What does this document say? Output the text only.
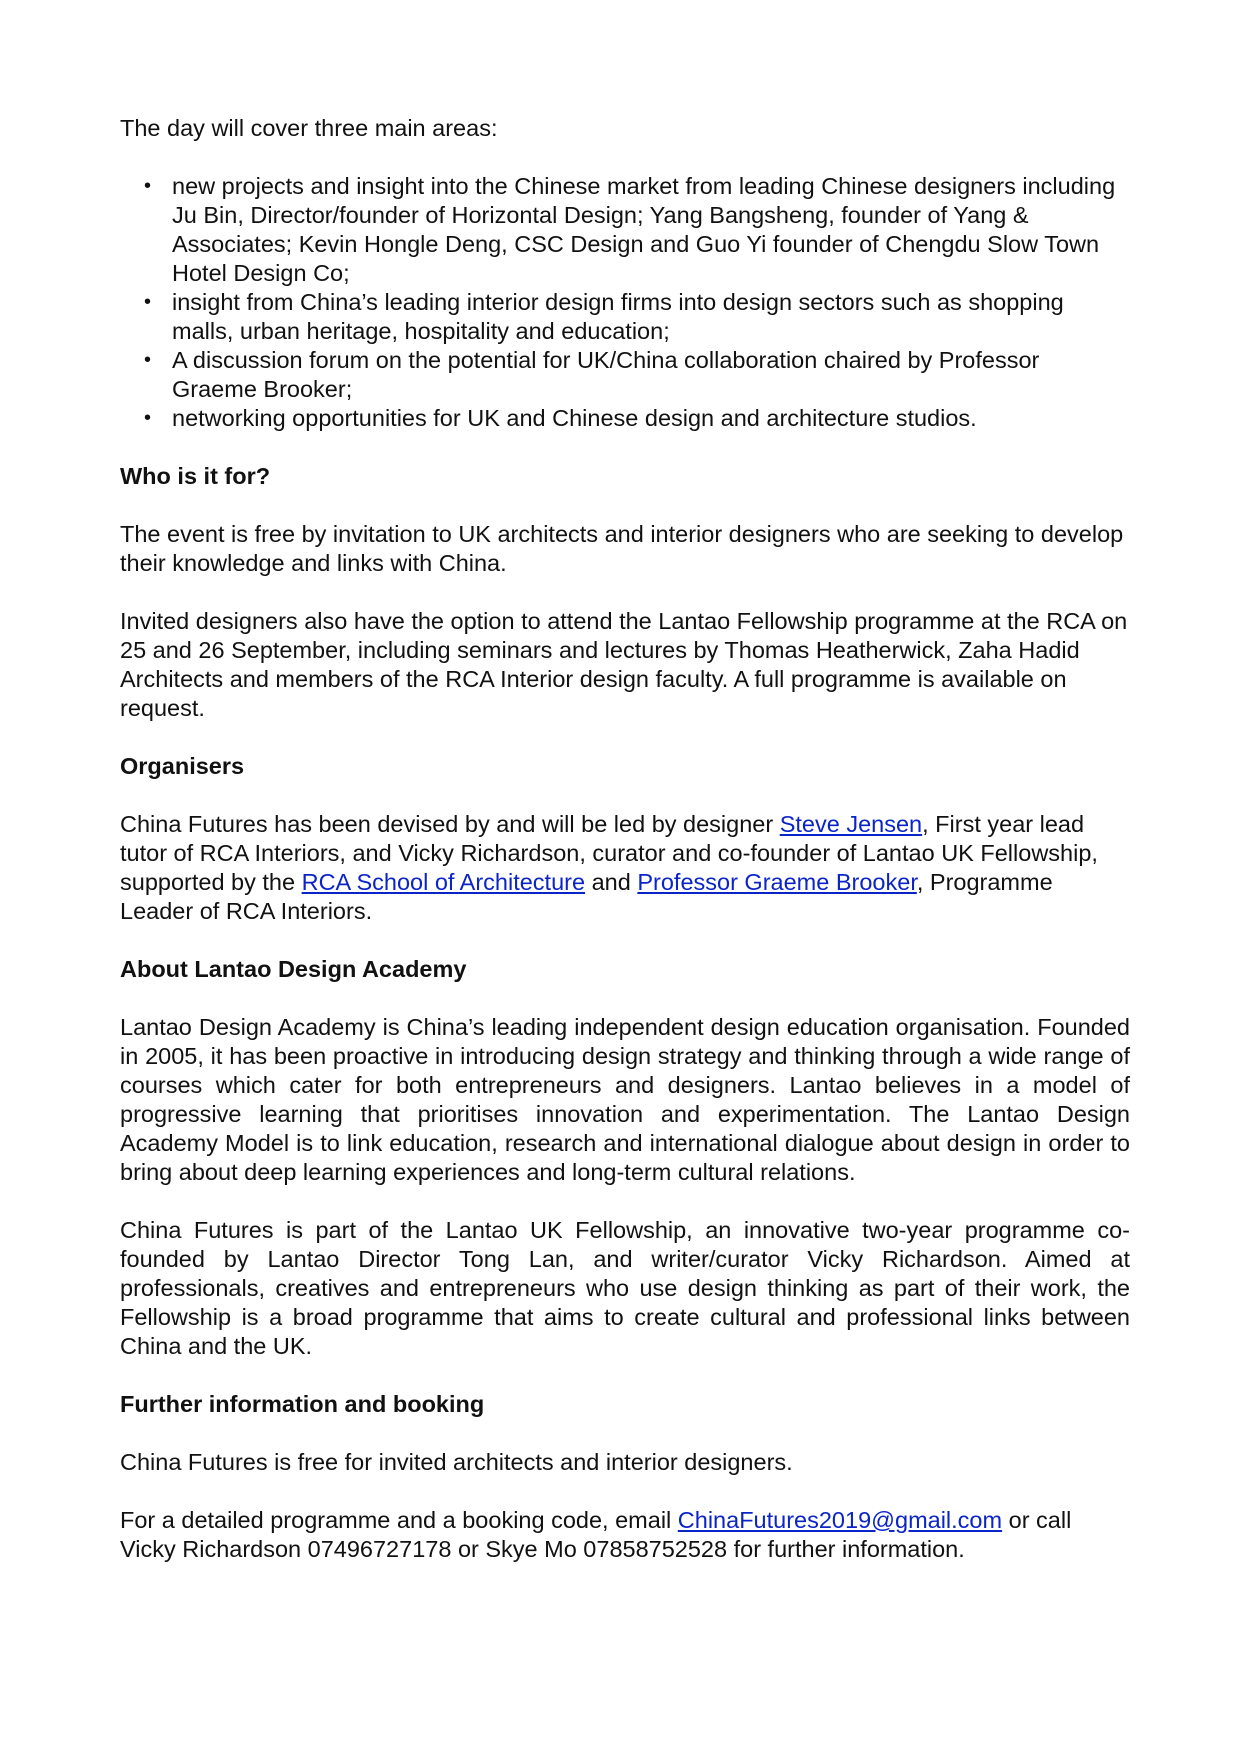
The day will cover three main areas:

• new projects and insight into the Chinese market from leading Chinese designers including Ju Bin, Director/founder of Horizontal Design; Yang Bangsheng, founder of Yang & Associates; Kevin Hongle Deng, CSC Design and Guo Yi founder of Chengdu Slow Town Hotel Design Co;
• insight from China’s leading interior design firms into design sectors such as shopping malls, urban heritage, hospitality and education;
• A discussion forum on the potential for UK/China collaboration chaired by Professor Graeme Brooker;
• networking opportunities for UK and Chinese design and architecture studios.
Who is it for?

The event is free by invitation to UK architects and interior designers who are seeking to develop their knowledge and links with China.

Invited designers also have the option to attend the Lantao Fellowship programme at the RCA on 25 and 26 September, including seminars and lectures by Thomas Heatherwick, Zaha Hadid Architects and members of the RCA Interior design faculty. A full programme is available on request.

Organisers

China Futures has been devised by and will be led by designer Steve Jensen, First year lead tutor of RCA Interiors, and Vicky Richardson, curator and co-founder of Lantao UK Fellowship, supported by the RCA School of Architecture and Professor Graeme Brooker, Programme Leader of RCA Interiors.

About Lantao Design Academy

Lantao Design Academy is China’s leading independent design education organisation. Founded in 2005, it has been proactive in introducing design strategy and thinking through a wide range of courses which cater for both entrepreneurs and designers. Lantao believes in a model of progressive learning that prioritises innovation and experimentation. The Lantao Design Academy Model is to link education, research and international dialogue about design in order to bring about deep learning experiences and long-term cultural relations.

China Futures is part of the Lantao UK Fellowship, an innovative two-year programme co-founded by Lantao Director Tong Lan, and writer/curator Vicky Richardson. Aimed at professionals, creatives and entrepreneurs who use design thinking as part of their work, the Fellowship is a broad programme that aims to create cultural and professional links between China and the UK.

Further information and booking

China Futures is free for invited architects and interior designers.

For a detailed programme and a booking code, email ChinaFutures2019@gmail.com or call Vicky Richardson 07496727178 or Skye Mo 07858752528 for further information.
